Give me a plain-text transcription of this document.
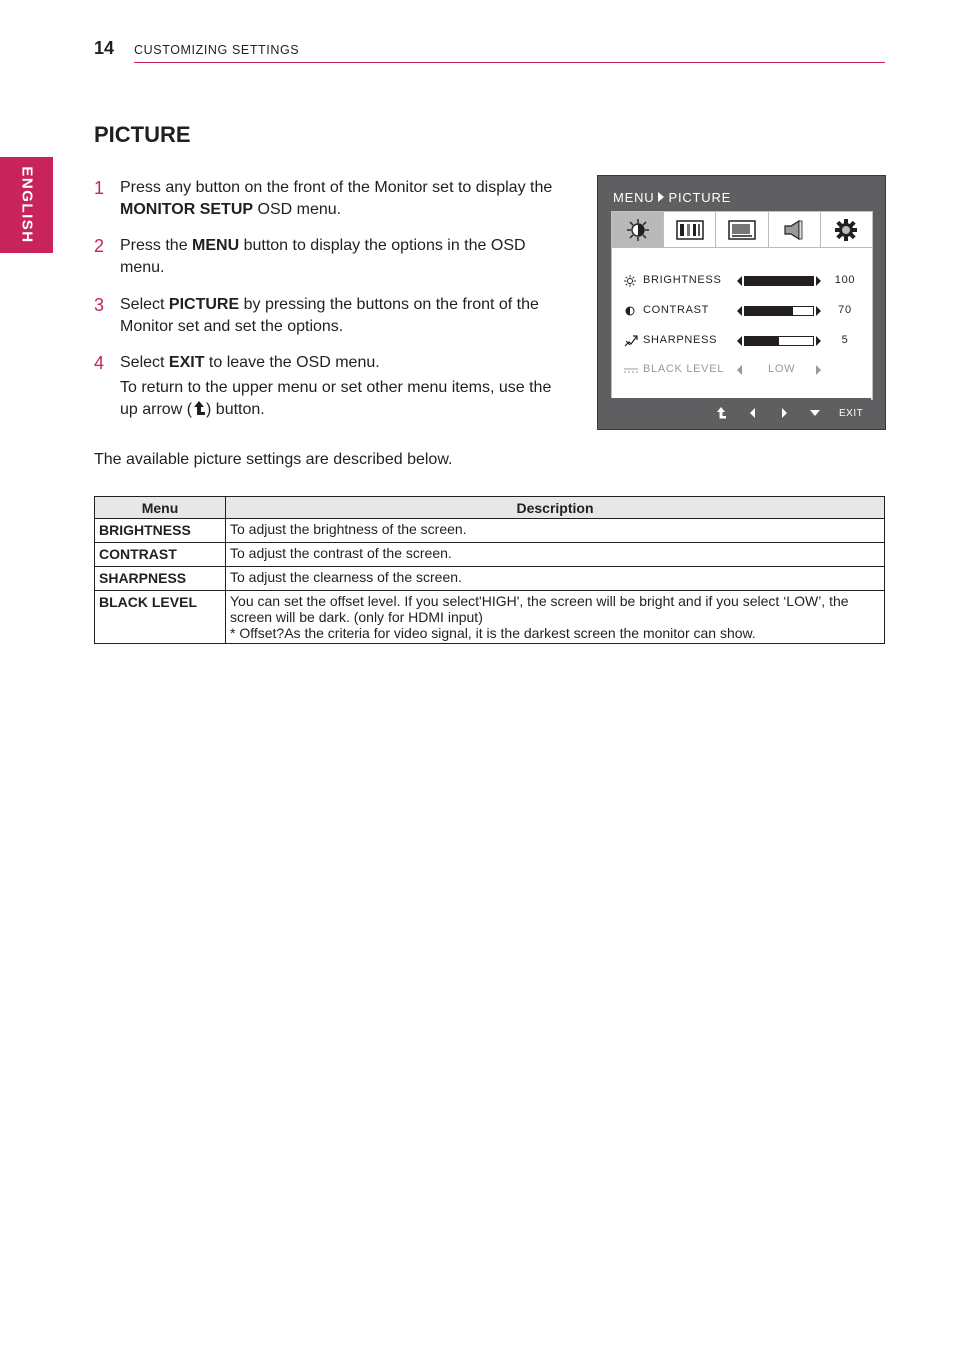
14 CUSTOMIZING SETTINGS
ENGLISH
PICTURE
1 Press any button on the front of the Monitor set to display the MONITOR SETUP OSD menu.
2 Press the MENU button to display the options in the OSD menu.
3 Select PICTURE by pressing the buttons on the front of the Monitor set and set the options.
4 Select EXIT to leave the OSD menu.
To return to the upper menu or set other menu items, use the up arrow ( ) button.
MENU PICTURE
BRIGHTNESS	100
CONTRAST	70
SHARPNESS	5
BLACK LEVEL	LOW
EXIT
The available picture settings are described below.
Menu	Description
BRIGHTNESS	To adjust the brightness of the screen.
CONTRAST	To adjust the contrast of the screen.
SHARPNESS	To adjust the clearness of the screen.
BLACK LEVEL	You can set the offset level. If you select'HIGH', the screen will be bright and if you select ‘LOW’, the screen will be dark. (only for HDMI input)
* Offset?As the criteria for video signal, it is the darkest screen the monitor can show.
